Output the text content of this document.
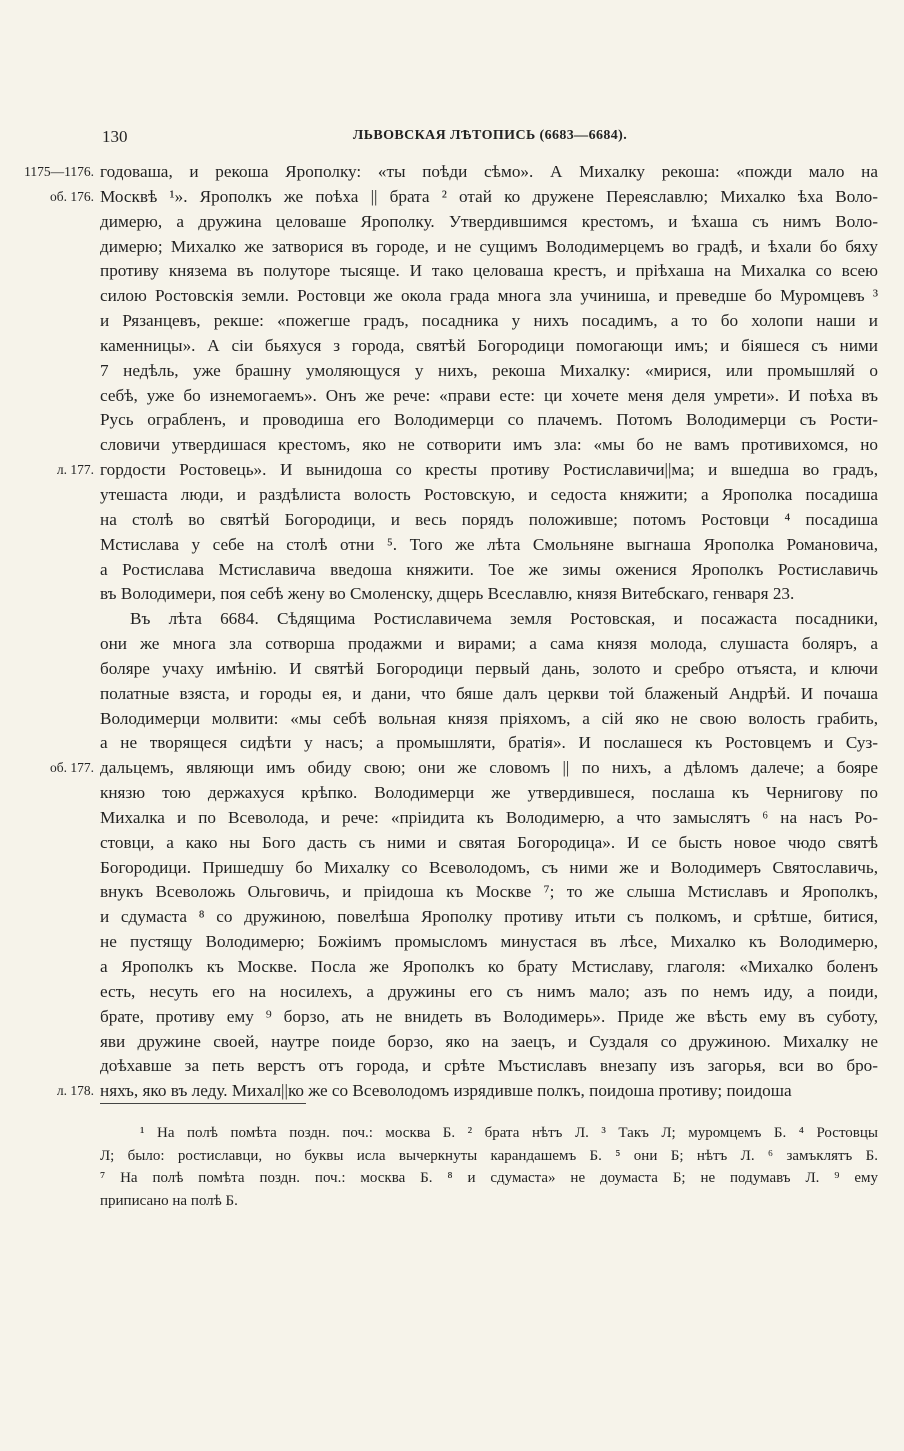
130	ЛЬВОВСКАЯ ЛѢТОПИСЬ (6683—6684).
1175—1176.
об. 176.
л. 177.
об. 177.
л. 178.
годоваша, и рекоша Ярополку: «ты поѣди сѣмо». А Михалку рекоша: «пожди мало на
Москвѣ ¹». Ярополкъ же поѣха || брата ² отай ко дружене Переяславлю; Михалко ѣха Воло-
димерю, а дружина целоваше Ярополку. Утвердившимся крестомъ, и ѣхаша съ нимъ Воло-
димерю; Михалко же затворися въ городе, и не сущимъ Володимерцемъ во градѣ, и ѣхали бо бяху
противу князема въ полуторе тысяще. И тако целоваша крестъ, и пріѣхаша на Михалка со всею
силою Ростовскія земли. Ростовци же окола града многа зла учиниша, и преведше бо Муромцевъ ³
и Рязанцевъ, рекше: «пожегше градъ, посадника у нихъ посадимъ, а то бо холопи наши и
каменницы». А сіи бьяхуся з города, святѣй Богородици помогающи имъ; и біяшеся съ ними
7 недѣль, уже брашну умоляющуся у нихъ, рекоша Михалку: «мирися, или промышляй о
себѣ, уже бо изнемогаемъ». Онъ же рече: «прави есте: ци хочете меня деля умрети». И поѣха въ
Русь ограбленъ, и проводиша его Володимерци со плачемъ. Потомъ Володимерци съ Рости-
словичи утвердишася крестомъ, яко не сотворити имъ зла: «мы бо не вамъ противихомся, но
гордости Ростовець». И вынидоша со кресты противу Ростиславичи||ма; и вшедша во градъ,
утешаста люди, и раздѣлиста волость Ростовскую, и седоста княжити; а Ярополка посадиша
на столѣ во святѣй Богородици, и весь порядъ положивше; потомъ Ростовци ⁴ посадиша
Мстислава у себе на столѣ отни ⁵. Того же лѣта Смольняне выгнаша Ярополка Романовича,
а Ростислава Мстиславича введоша княжити. Тое же зимы оженися Ярополкъ Ростиславичь
въ Володимери, поя себѣ жену во Смоленску, дщерь Всеславлю, князя Витебскаго, генваря 23.
Въ лѣта 6684. Сѣдящима Ростиславичема земля Ростовская, и посажаста посадники,
они же многа зла сотворша продажми и вирами; а сама князя молода, слушаста боляръ, а
боляре учаху имѣнію. И святѣй Богородици первый дань, золото и сребро отъяста, и ключи
полатные взяста, и городы ея, и дани, что бяше далъ церкви той блаженый Андрѣй. И почаша
Володимерци молвити: «мы себѣ вольная князя пріяхомъ, а сій яко не свою волость грабить,
а не творящеся сидѣти у насъ; а промышляти, братія». И послашеся къ Ростовцемъ и Суз-
дальцемъ, являющи имъ обиду свою; они же словомъ || по нихъ, а дѣломъ далече; а бояре
князю тою держахуся крѣпко. Володимерци же утвердившеся, послаша къ Чернигову по
Михалка и по Всеволода, и рече: «пріидита къ Володимерю, а что замыслятъ ⁶ на насъ Ро-
стовци, а како ны Бого дасть съ ними и святая Богородица». И се бысть новое чюдо святѣ
Богородици. Пришедшу бо Михалку со Всеволодомъ, съ ними же и Володимеръ Святославичь,
внукъ Всеволожь Ольговичь, и пріидоша къ Москве ⁷; то же слыша Мстиславъ и Ярополкъ,
и сдумаста ⁸ со дружиною, повелѣша Ярополку противу итьти съ полкомъ, и срѣтше, битися,
не пустящу Володимерю; Божіимъ промысломъ минустася въ лѣсе, Михалко къ Володимерю,
а Ярополкъ къ Москве. Посла же Ярополкъ ко брату Мстиславу, глаголя: «Михалко боленъ
есть, несуть его на носилехъ, а дружины его съ нимъ мало; азъ по немъ иду, а поиди,
брате, противу ему ⁹ борзо, ать не внидеть въ Володимерь». Приде же вѣсть ему въ суботу,
яви дружине своей, наутре поиде борзо, яко на заецъ, и Суздаля со дружиною. Михалку не
доѣхавше за петь верстъ отъ города, и срѣте Мъстиславъ внезапу изъ загорья, вси во бро-
няхъ, яко въ леду. Михал||ко же со Всеволодомъ изрядивше полкъ, поидоша противу; поидоша
¹ На полѣ помѣта поздн. поч.: москва Б. ² брата нѣтъ Л. ³ Такъ Л; муромцемъ Б. ⁴ Ростовцы
Л; было: ростиславци, но буквы исла вычеркнуты карандашемъ Б. ⁵ они Б; нѣтъ Л. ⁶ замъклятъ Б.
⁷ На полѣ помѣта поздн. поч.: москва Б. ⁸ и сдумаста» не доумаста Б; не подумавъ Л. ⁹ ему
приписано на полѣ Б.
